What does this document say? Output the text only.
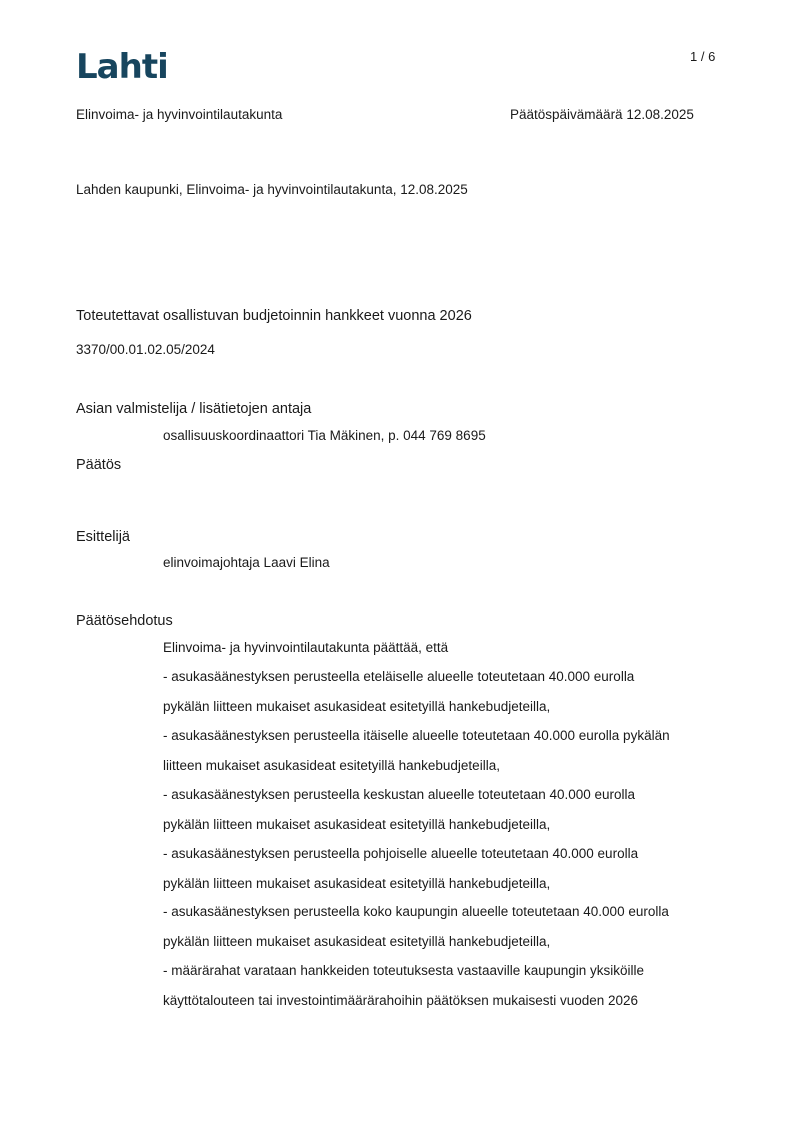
Lahti	1 / 6
Elinvoima- ja hyvinvointilautakunta	Päätöspäivämäärä 12.08.2025
Lahden kaupunki, Elinvoima- ja hyvinvointilautakunta, 12.08.2025
Toteutettavat osallistuvan budjetoinnin hankkeet vuonna 2026
3370/00.01.02.05/2024
Asian valmistelija / lisätietojen antaja
osallisuuskoordinaattori Tia Mäkinen, p. 044 769 8695
Päätös
Esittelijä
elinvoimajohtaja Laavi Elina
Päätösehdotus
Elinvoima- ja hyvinvointilautakunta päättää, että
- asukasäänestyksen perusteella eteläiselle alueelle toteutetaan 40.000 eurolla
pykälän liitteen mukaiset asukasideat esitetyillä hankebudjeteilla,
- asukasäänestyksen perusteella itäiselle alueelle toteutetaan 40.000 eurolla pykälän
liitteen mukaiset asukasideat esitetyillä hankebudjeteilla,
- asukasäänestyksen perusteella keskustan alueelle toteutetaan 40.000 eurolla
pykälän liitteen mukaiset asukasideat esitetyillä hankebudjeteilla,
- asukasäänestyksen perusteella pohjoiselle alueelle toteutetaan 40.000 eurolla
pykälän liitteen mukaiset asukasideat esitetyillä hankebudjeteilla,
- asukasäänestyksen perusteella koko kaupungin alueelle toteutetaan 40.000 eurolla
pykälän liitteen mukaiset asukasideat esitetyillä hankebudjeteilla,
- määrärahat varataan hankkeiden toteutuksesta vastaaville kaupungin yksiköille
käyttötalouteen tai investointimäärärahoihin päätöksen mukaisesti vuoden 2026
